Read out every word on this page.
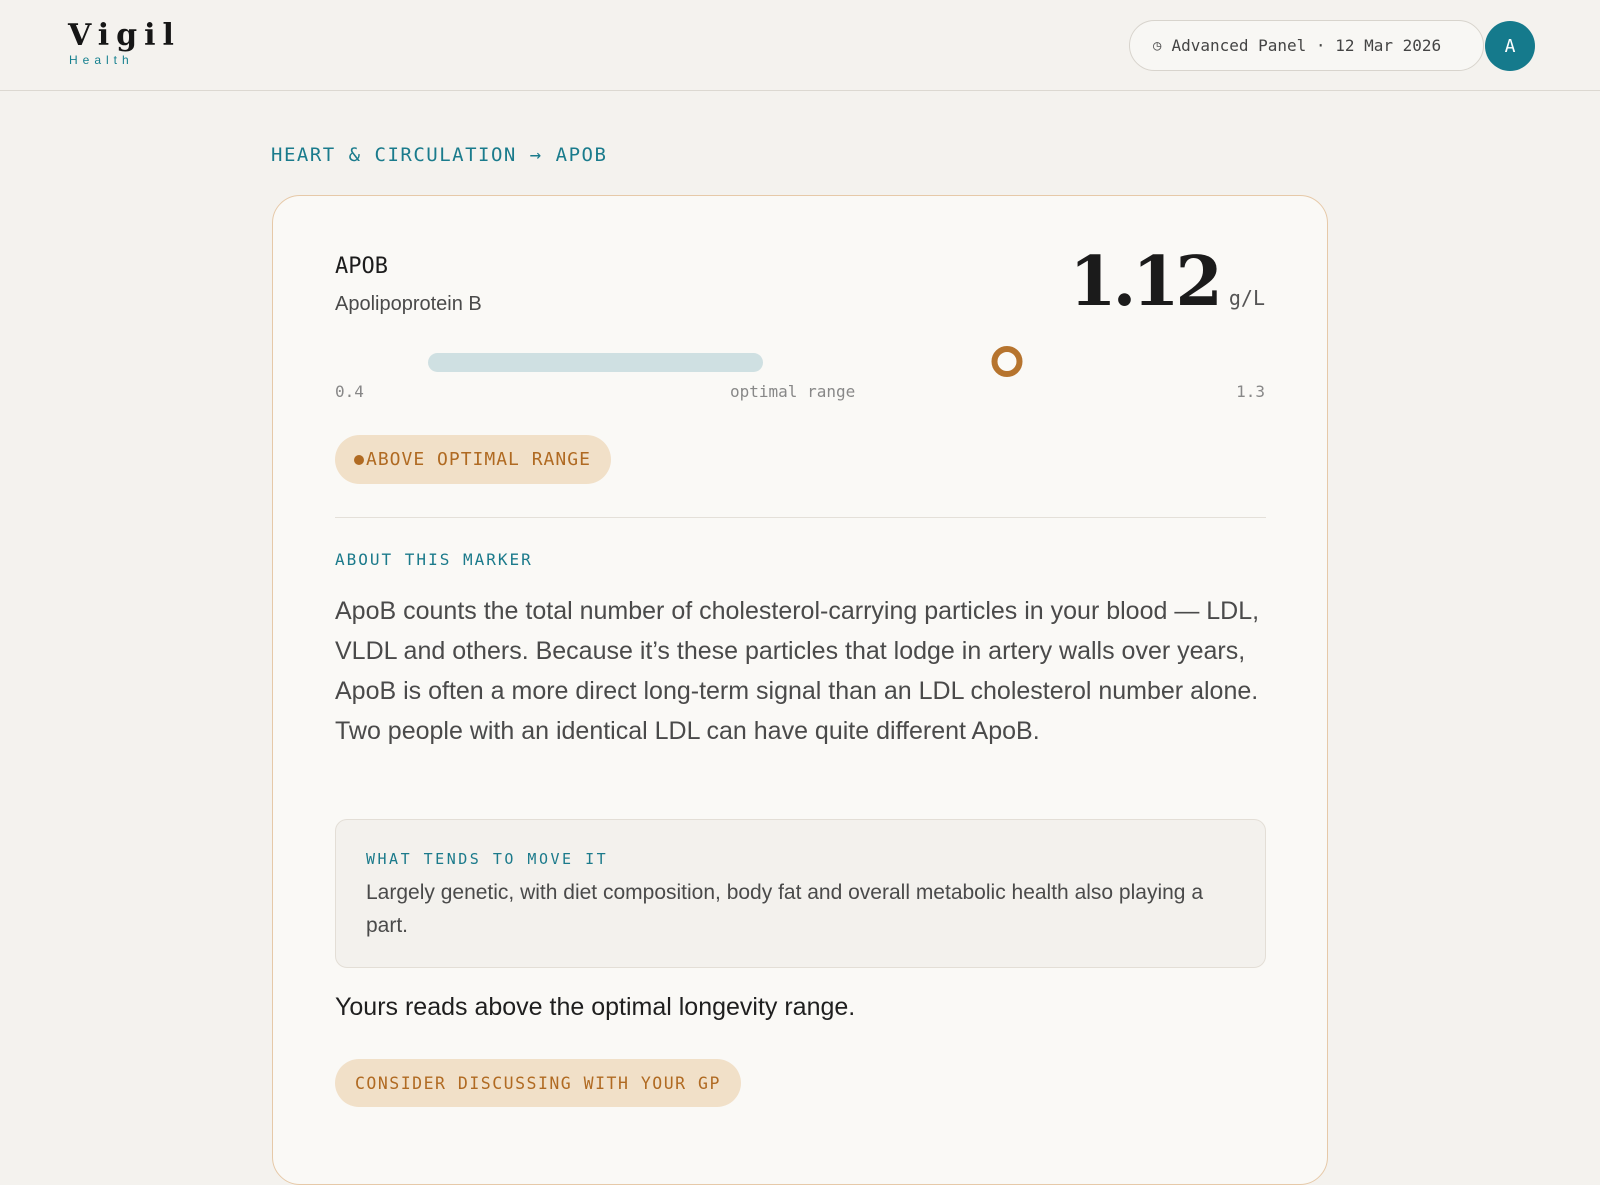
Vigil
Health
◷ Advanced Panel · 12 Mar 2026	A
HEART & CIRCULATION → APOB
APOB
Apolipoprotein B	1.12 g/L
0.4	optimal range	1.3
ABOVE OPTIMAL RANGE
ABOUT THIS MARKER
ApoB counts the total number of cholesterol-carrying particles in your blood — LDL, VLDL and others. Because it’s these particles that lodge in artery walls over years, ApoB is often a more direct long-term signal than an LDL cholesterol number alone. Two people with an identical LDL can have quite different ApoB.
WHAT TENDS TO MOVE IT
Largely genetic, with diet composition, body fat and overall metabolic health also playing a part.
Yours reads above the optimal longevity range.
CONSIDER DISCUSSING WITH YOUR GP
